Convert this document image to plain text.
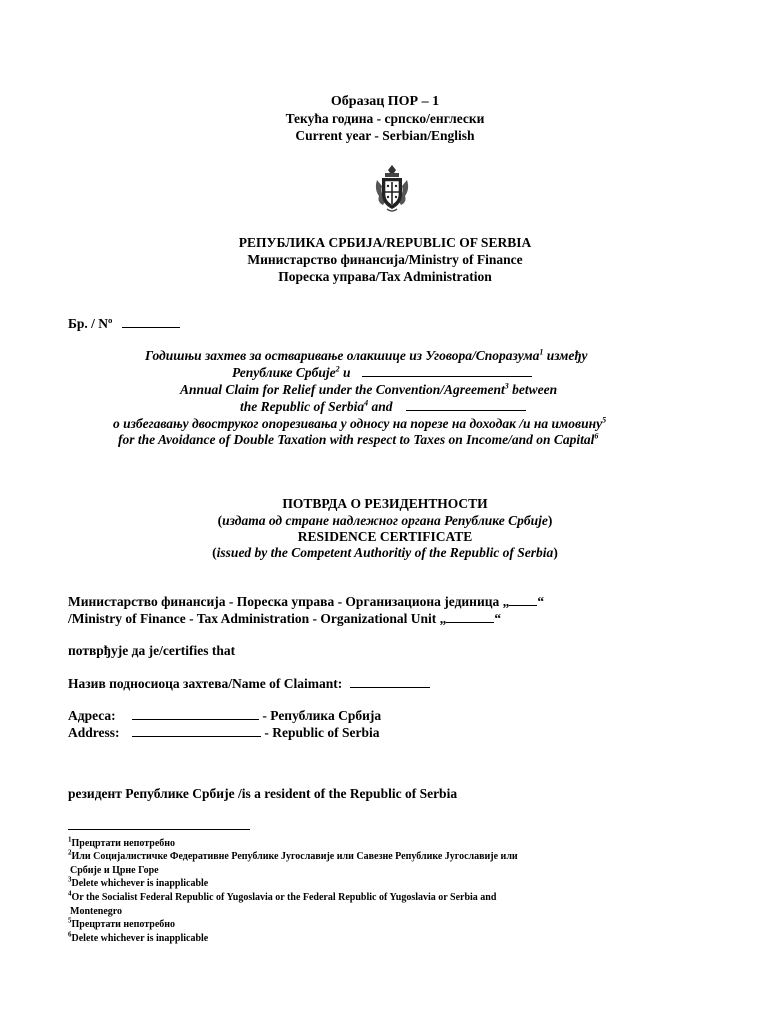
Образац ПОР – 1
Текућа година - српско/енглески
Current year - Serbian/English
РЕПУБЛИКА СРБИЈА/REPUBLIC OF SERBIA
Министарство финансија/Ministry of Finance
Пореска управа/Tax Administration
Бр. / Nº
Годишњи захтев за остваривање олакшице из Уговора/Споразума$^1$ између
Републике Србије$^2$ и
Annual Claim for Relief under the Convention/Agreement$^3$ between
the Republic of Serbia$^4$ and
о избегавању двоструког опорезивања у односу на порезе на доходак /и на имовину$^5$
for the Avoidance of Double Taxation with respect to Taxes on Income/and on Capital$^6$
ПОТВРДА О РЕЗИДЕНТНОСТИ
(издата од стране надлежног органа Републике Србије)
RESIDENCE CERTIFICATE
(issued by the Competent Authoritiy of the Republic of Serbia)
Министарство финансија - Пореска управа - Организациона јединица „ “
/Ministry of Finance - Tax Administration - Organizational Unit „	“
потврђује да је/certifies that
Назив подносиоца захтева/Name of Claimant:
Адреса:	- Република Србија
Address:	- Republic of Serbia
резидент Републике Србије /is a resident of the Republic of Serbia
$^1$Прецртати непотребно
$^2$Или Социјалистичке Федеративне Републике Југославије или Савезне Републике Југославије или
Србије и Црне Горе
$^3$Delete whichever is inapplicable
$^4$Or the Socialist Federal Republic of Yugoslavia or the Federal Republic of Yugoslavia or Serbia and
Montenegro
$^5$Прецртати непотребно
$^6$Delete whichever is inapplicable
